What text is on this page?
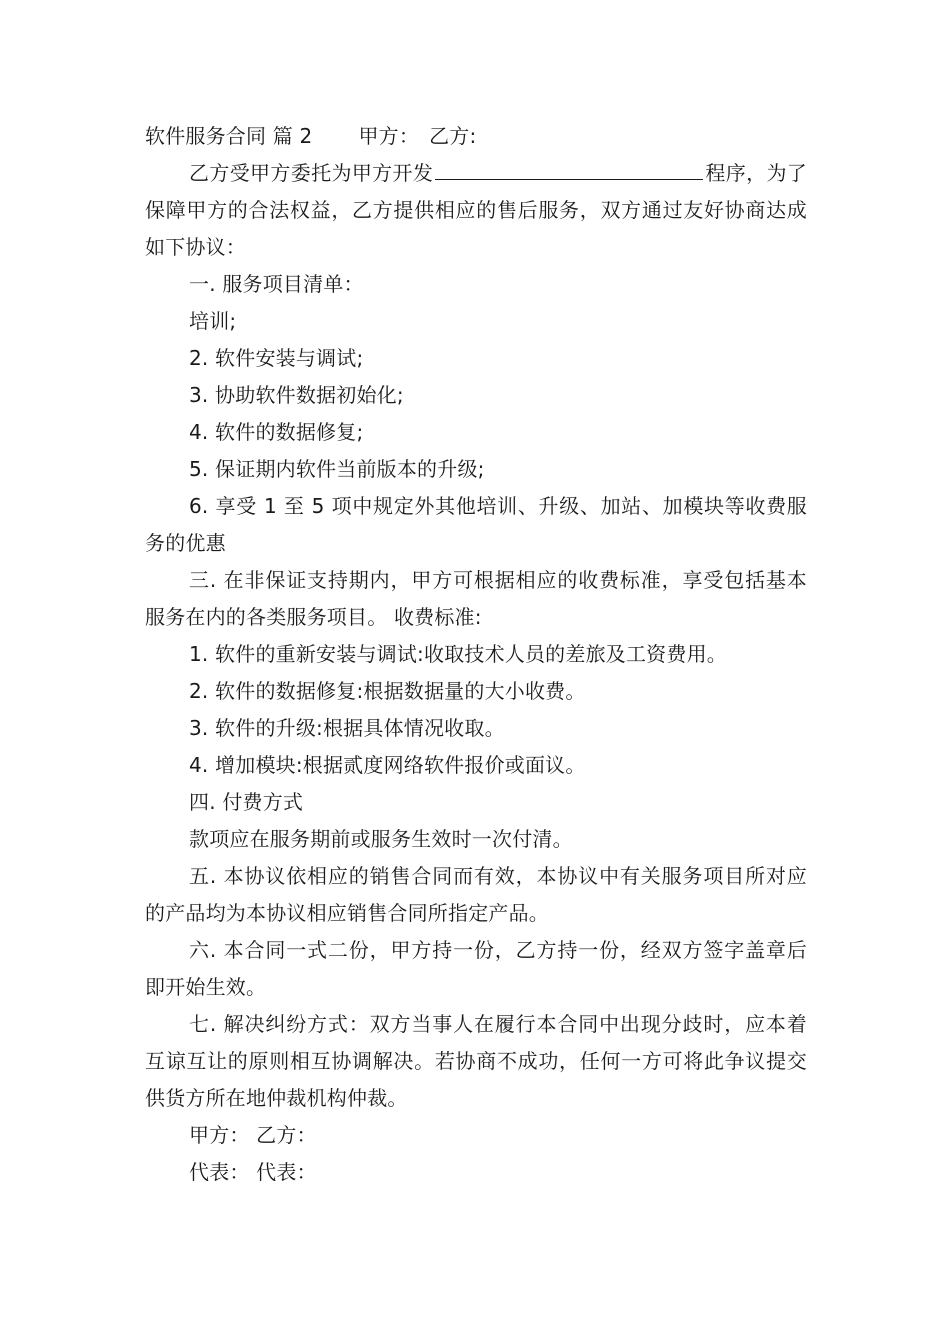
软件服务合同 篇 2 甲方： 乙方:

乙方受甲方委托为甲方开发	程序，为了保障甲方的合法权益，乙方提供相应的售后服务，双方通过友好协商达成如下协议：

一. 服务项目清单：

培训;

2. 软件安装与调试;

3. 协助软件数据初始化;

4. 软件的数据修复;

5. 保证期内软件当前版本的升级;

6. 享受 1 至 5 项中规定外其他培训、升级、加站、加模块等收费服务的优惠

三. 在非保证支持期内，甲方可根据相应的收费标准，享受包括基本服务在内的各类服务项目。 收费标准:

1. 软件的重新安装与调试:收取技术人员的差旅及工资费用。

2. 软件的数据修复:根据数据量的大小收费。

3. 软件的升级:根据具体情况收取。

4. 增加模块:根据贰度网络软件报价或面议。

四. 付费方式

款项应在服务期前或服务生效时一次付清。

五. 本协议依相应的销售合同而有效，本协议中有关服务项目所对应的产品均为本协议相应销售合同所指定产品。

六. 本合同一式二份，甲方持一份，乙方持一份，经双方签字盖章后即开始生效。

七. 解决纠纷方式：双方当事人在履行本合同中出现分歧时，应本着互谅互让的原则相互协调解决。若协商不成功，任何一方可将此争议提交供货方所在地仲裁机构仲裁。

甲方： 乙方：

代表： 代表：
